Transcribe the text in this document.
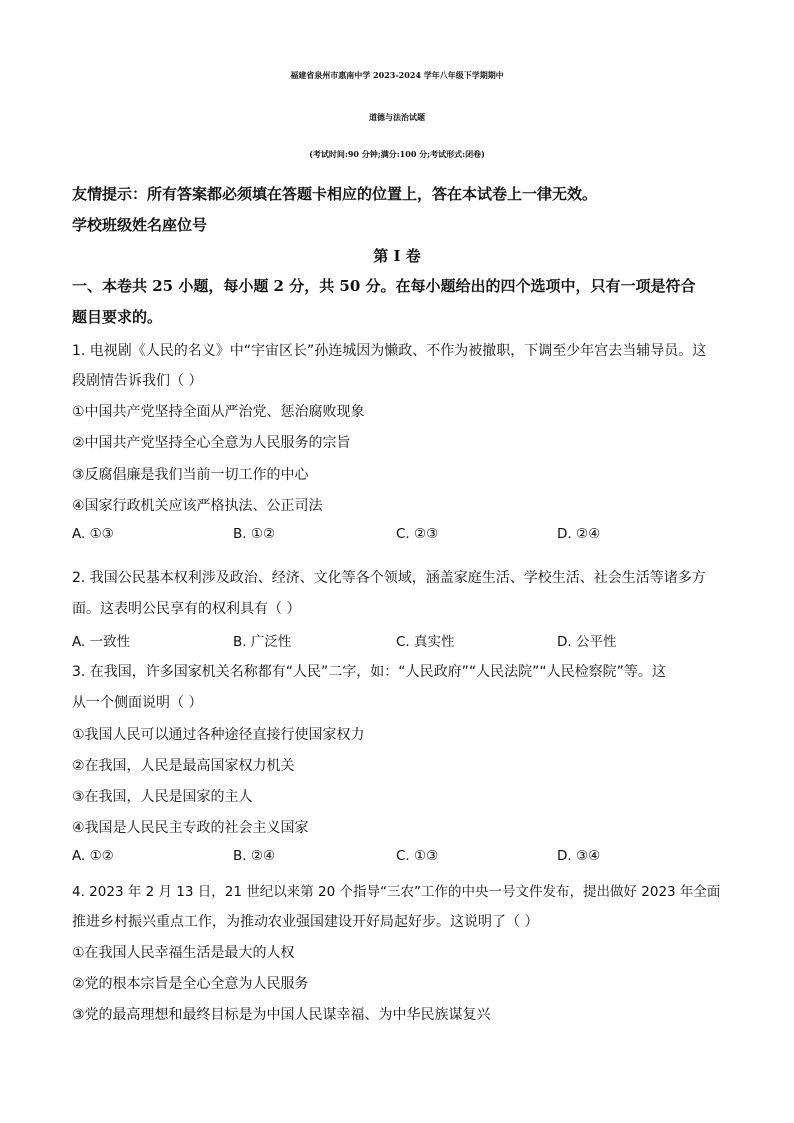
福建省泉州市惠南中学 2023-2024 学年八年级下学期期中
道德与法治试题
(考试时间:90 分钟;满分:100 分;考试形式:闭卷)
友情提示：所有答案都必须填在答题卡相应的位置上，答在本试卷上一律无效。
学校班级姓名座位号
第 I 卷
一、本卷共 25 小题，每小题 2 分，共 50 分。在每小题给出的四个选项中，只有一项是符合
题目要求的。
1. 电视剧《人民的名义》中“宇宙区长”孙连城因为懒政、不作为被撤职，下调至少年宫去当辅导员。这
段剧情告诉我们（ ）
①中国共产党坚持全面从严治党、惩治腐败现象
②中国共产党坚持全心全意为人民服务的宗旨
③反腐倡廉是我们当前一切工作的中心
④国家行政机关应该严格执法、公正司法
A. ①③	B. ①②	C. ②③	D. ②④
2. 我国公民基本权利涉及政治、经济、文化等各个领域，涵盖家庭生活、学校生活、社会生活等诸多方
面。这表明公民享有的权利具有（ ）
A. 一致性	B. 广泛性	C. 真实性	D. 公平性
3. 在我国，许多国家机关名称都有“人民”二字，如：“人民政府”“人民法院”“人民检察院”等。这
从一个侧面说明（ ）
①我国人民可以通过各种途径直接行使国家权力
②在我国，人民是最高国家权力机关
③在我国，人民是国家的主人
④我国是人民民主专政的社会主义国家
A. ①②	B. ②④	C. ①③	D. ③④
4. 2023 年 2 月 13 日，21 世纪以来第 20 个指导“三农”工作的中央一号文件发布，提出做好 2023 年全面
推进乡村振兴重点工作，为推动农业强国建设开好局起好步。这说明了（ ）
①在我国人民幸福生活是最大的人权
②党的根本宗旨是全心全意为人民服务
③党的最高理想和最终目标是为中国人民谋幸福、为中华民族谋复兴
